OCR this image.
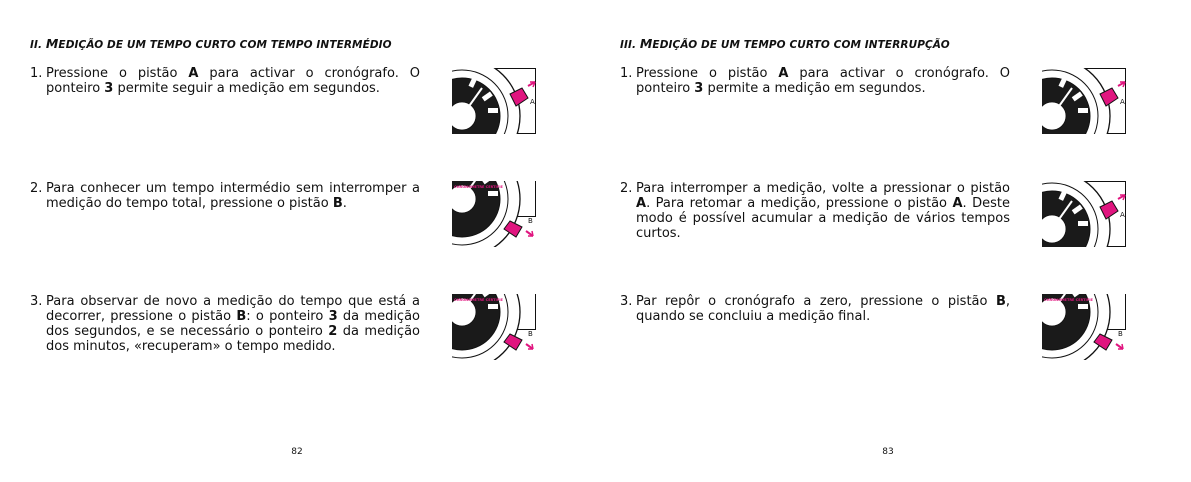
II. MEDIÇÃO DE UM TEMPO CURTO COM TEMPO INTERMÉDIO
1. Pressione o pistão A para activar o cronógrafo. O ponteiro 3 permite seguir a medição em segundos.
2. Para conhecer um tempo intermédio sem interromper a medição do tempo total, pressione o pistão B.
3. Para observar de novo a medição do tempo que está a decorrer, pressione o pistão B: o ponteiro 3 da medição dos segundos, e se necessário o ponteiro 2 da medição dos minutos, «recuperam» o tempo medido.
A
B
CHRONOMETRE CERTIFIE
B
CHRONOMETRE CERTIFIE
82
III. MEDIÇÃO DE UM TEMPO CURTO COM INTERRUPÇÃO
1. Pressione o pistão A para activar o cronógrafo. O ponteiro 3 permite a medição em segundos.
2. Para interromper a medição, volte a pressionar o pistão A. Para retomar a medição, pressione o pistão A. Deste modo é possível acumular a medição de vários tempos curtos.
3. Par repôr o cronógrafo a zero, pressione o pistão B, quando se concluiu a medição final.
A
A
B
CHRONOMETRE CERTIFIE
83
